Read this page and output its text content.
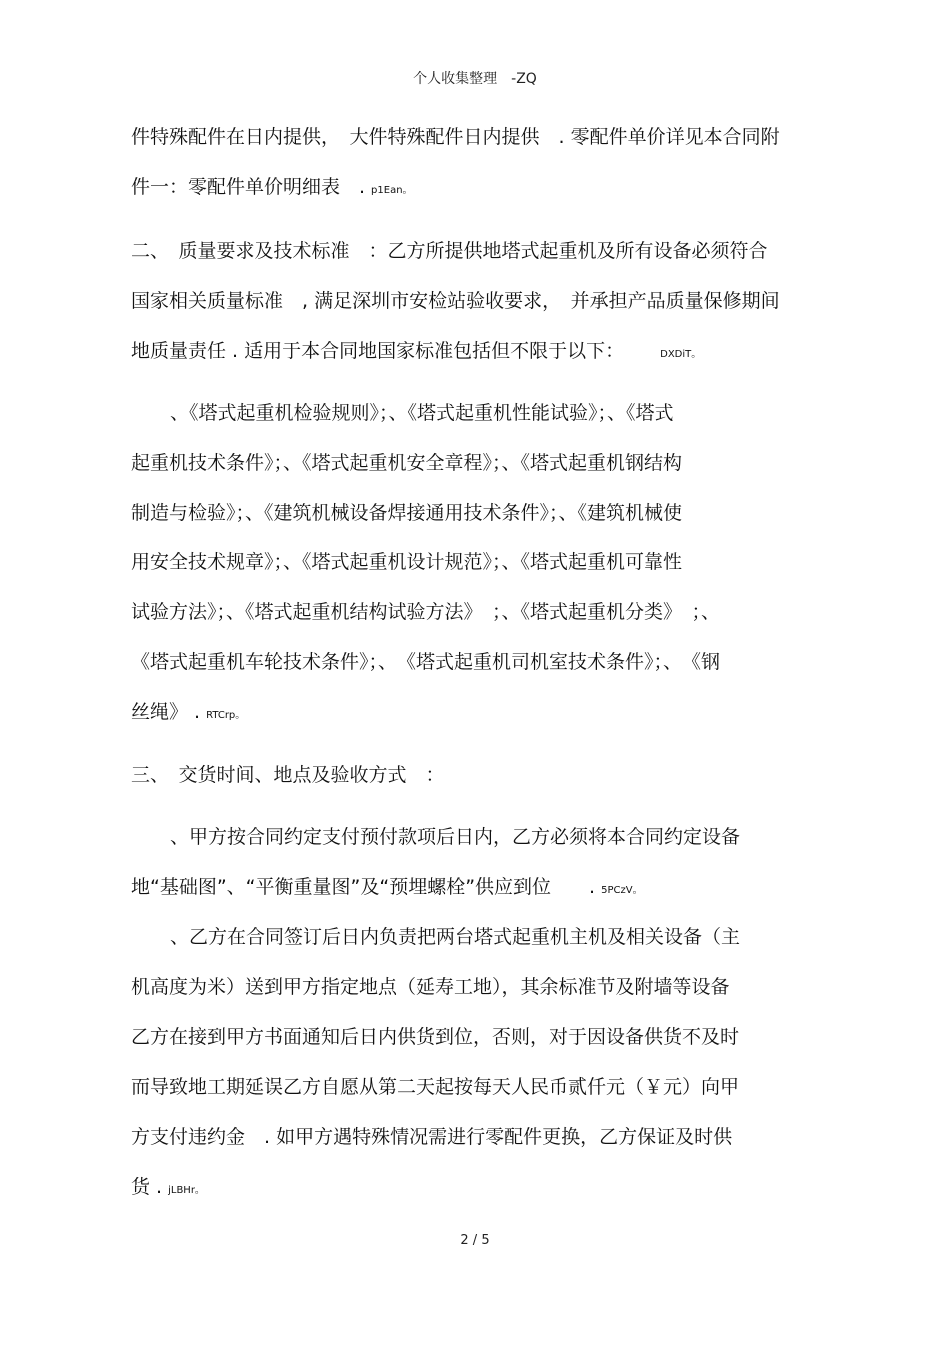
个人收集整理　-ZQ
件特殊配件在日内提供，　大件特殊配件日内提供　. 零配件单价详见本合同附
件一：零配件单价明细表　. p1Ean。
二、　质量要求及技术标准　：乙方所提供地塔式起重机及所有设备必须符合
国家相关质量标准　, 满足深圳市安检站验收要求，　并承担产品质量保修期间
地质量责任 . 适用于本合同地国家标准包括但不限于以下：	DXDiT。
、《塔式起重机检验规则》；、《塔式起重机性能试验》；、《塔式
起重机技术条件》；、《塔式起重机安全章程》；、《塔式起重机钢结构
制造与检验》；、《建筑机械设备焊接通用技术条件》；、《建筑机械使
用安全技术规章》；、《塔式起重机设计规范》；、《塔式起重机可靠性
试验方法》；、《塔式起重机结构试验方法》　；、《塔式起重机分类》　；、
《塔式起重机车轮技术条件》；、　《塔式起重机司机室技术条件》；、　《钢
丝绳》 . RTCrp。
三、　交货时间、地点及验收方式　：
、甲方按合同约定支付预付款项后日内，乙方必须将本合同约定设备
地“基础图”、“平衡重量图”及“预埋螺栓”供应到位　　. 5PCzV。
、乙方在合同签订后日内负责把两台塔式起重机主机及相关设备（主
机高度为米）送到甲方指定地点（延寿工地），其余标准节及附墙等设备
乙方在接到甲方书面通知后日内供货到位，否则，对于因设备供货不及时
而导致地工期延误乙方自愿从第二天起按每天人民币贰仟元（￥元）向甲
方支付违约金　. 如甲方遇特殊情况需进行零配件更换，乙方保证及时供
货 . jLBHr。
2 / 5
